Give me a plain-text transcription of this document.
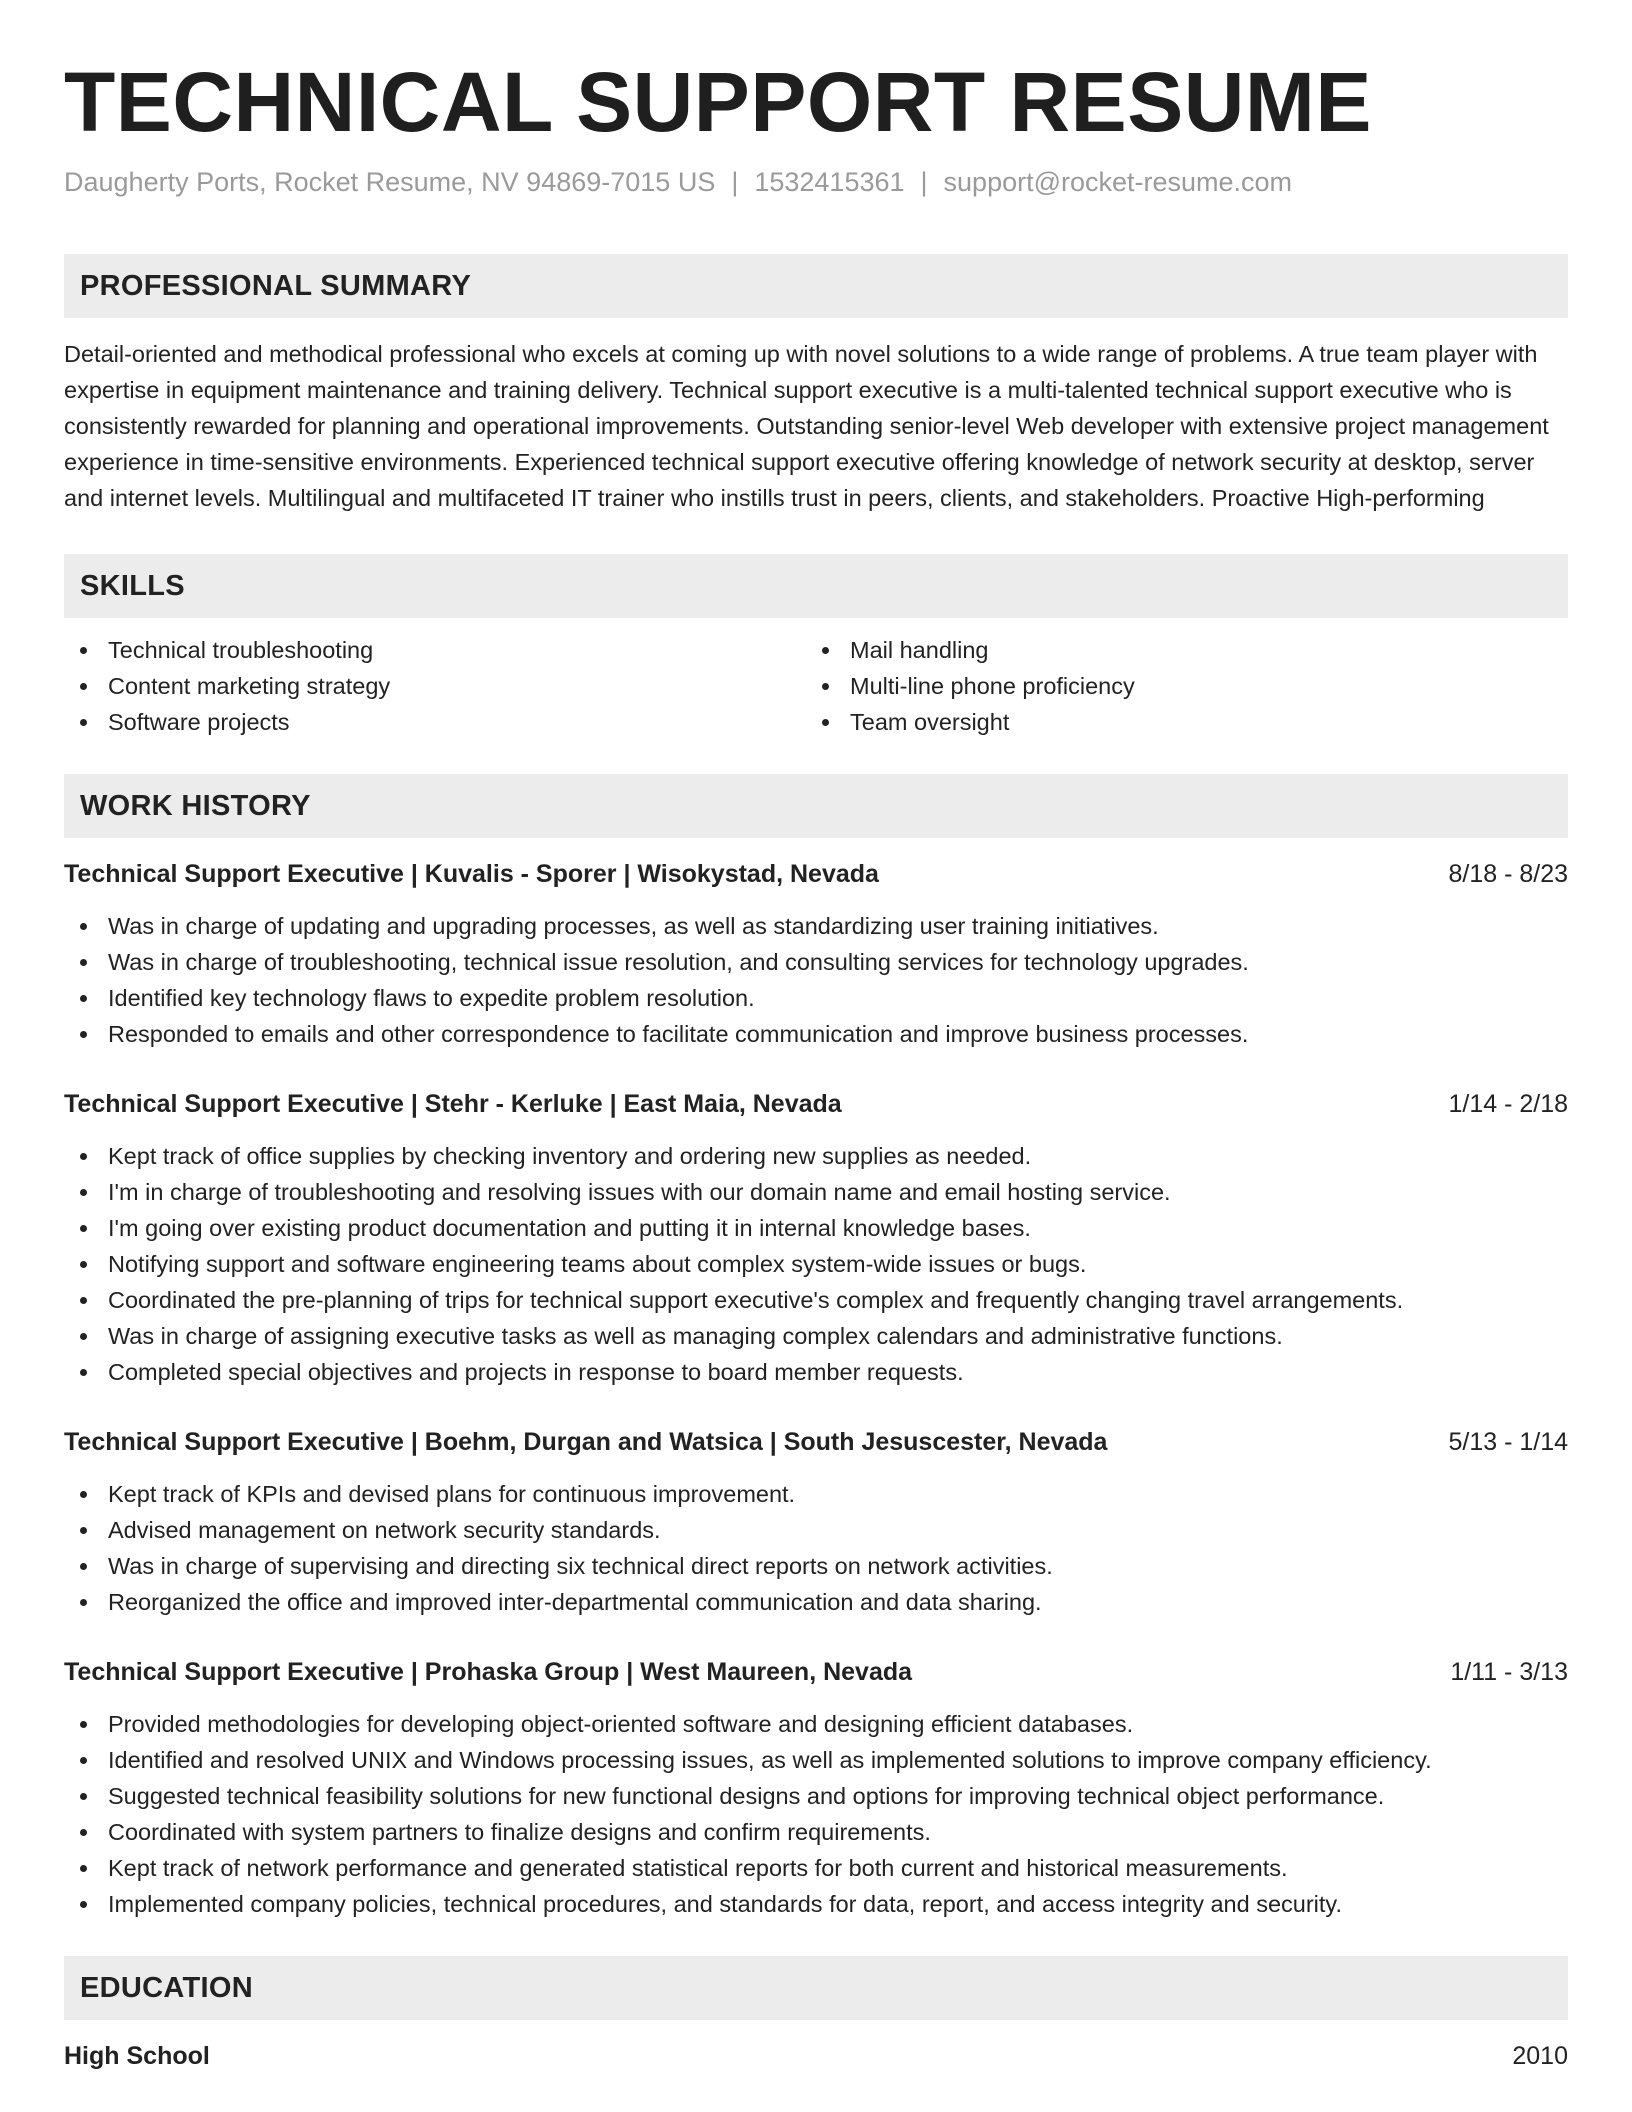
TECHNICAL SUPPORT RESUME
Daugherty Ports, Rocket Resume, NV 94869-7015 US | 1532415361 | support@rocket-resume.com
PROFESSIONAL SUMMARY
Detail-oriented and methodical professional who excels at coming up with novel solutions to a wide range of problems. A true team player with expertise in equipment maintenance and training delivery. Technical support executive is a multi-talented technical support executive who is consistently rewarded for planning and operational improvements. Outstanding senior-level Web developer with extensive project management experience in time-sensitive environments. Experienced technical support executive offering knowledge of network security at desktop, server and internet levels. Multilingual and multifaceted IT trainer who instills trust in peers, clients, and stakeholders. Proactive High-performing
SKILLS
Technical troubleshooting
Content marketing strategy
Software projects
Mail handling
Multi-line phone proficiency
Team oversight
WORK HISTORY
Technical Support Executive | Kuvalis - Sporer | Wisokystad, Nevada	8/18 - 8/23
Was in charge of updating and upgrading processes, as well as standardizing user training initiatives.
Was in charge of troubleshooting, technical issue resolution, and consulting services for technology upgrades.
Identified key technology flaws to expedite problem resolution.
Responded to emails and other correspondence to facilitate communication and improve business processes.
Technical Support Executive | Stehr - Kerluke | East Maia, Nevada	1/14 - 2/18
Kept track of office supplies by checking inventory and ordering new supplies as needed.
I'm in charge of troubleshooting and resolving issues with our domain name and email hosting service.
I'm going over existing product documentation and putting it in internal knowledge bases.
Notifying support and software engineering teams about complex system-wide issues or bugs.
Coordinated the pre-planning of trips for technical support executive's complex and frequently changing travel arrangements.
Was in charge of assigning executive tasks as well as managing complex calendars and administrative functions.
Completed special objectives and projects in response to board member requests.
Technical Support Executive | Boehm, Durgan and Watsica | South Jesuscester, Nevada	5/13 - 1/14
Kept track of KPIs and devised plans for continuous improvement.
Advised management on network security standards.
Was in charge of supervising and directing six technical direct reports on network activities.
Reorganized the office and improved inter-departmental communication and data sharing.
Technical Support Executive | Prohaska Group | West Maureen, Nevada	1/11 - 3/13
Provided methodologies for developing object-oriented software and designing efficient databases.
Identified and resolved UNIX and Windows processing issues, as well as implemented solutions to improve company efficiency.
Suggested technical feasibility solutions for new functional designs and options for improving technical object performance.
Coordinated with system partners to finalize designs and confirm requirements.
Kept track of network performance and generated statistical reports for both current and historical measurements.
Implemented company policies, technical procedures, and standards for data, report, and access integrity and security.
EDUCATION
High School	2010
